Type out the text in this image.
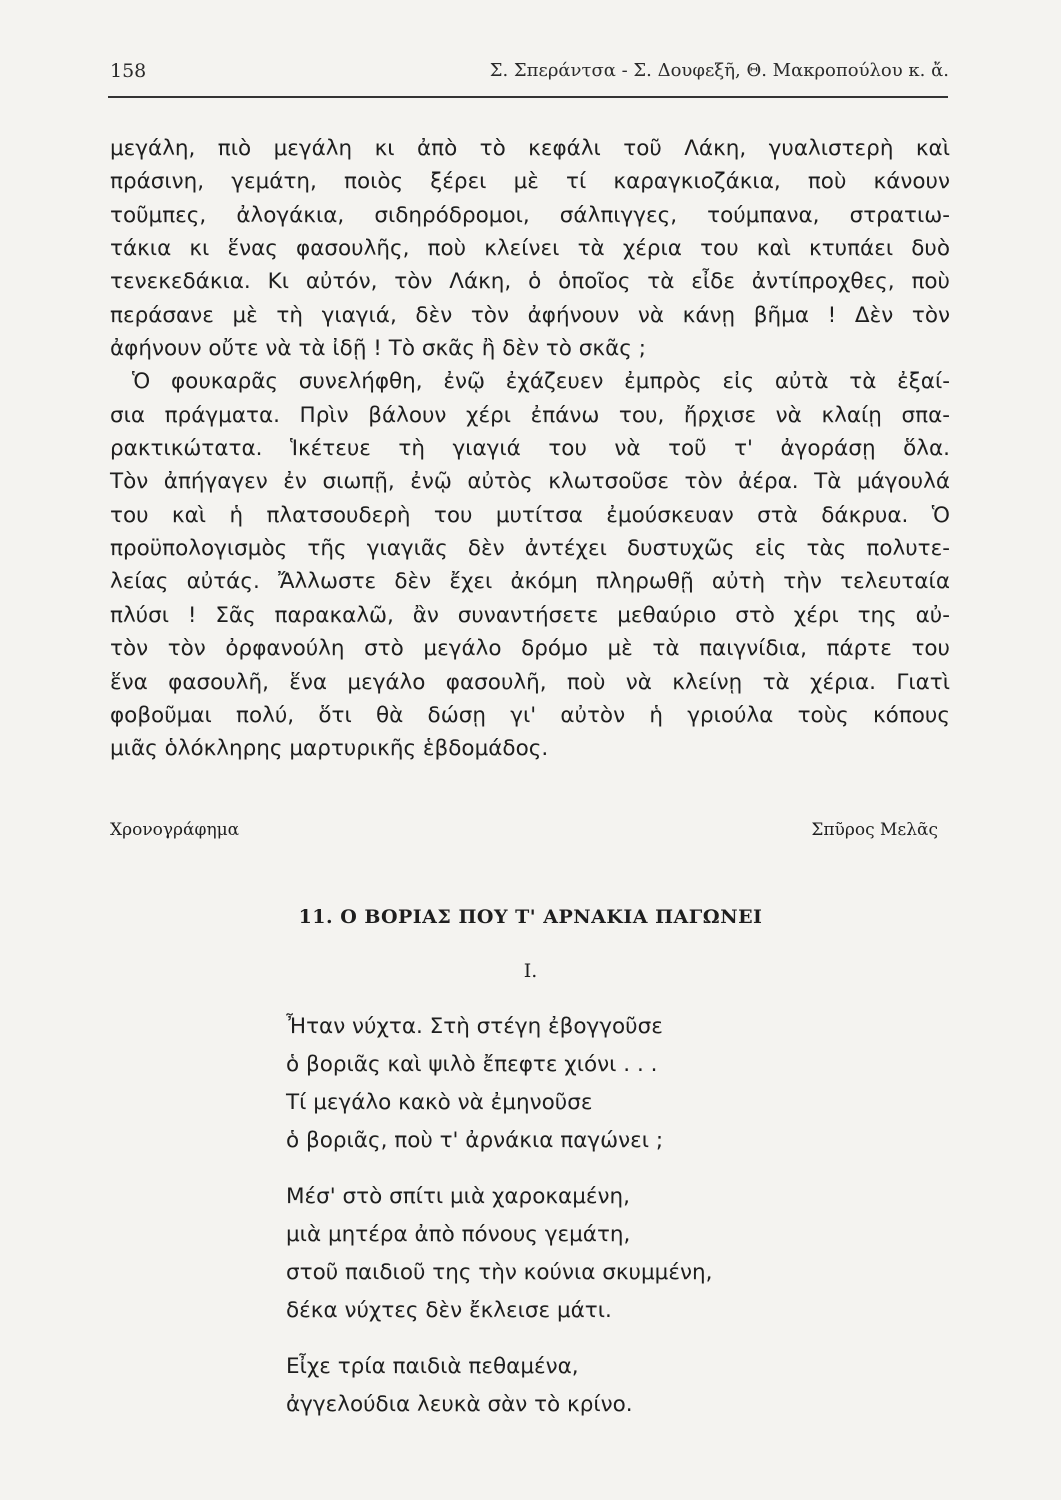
158	Σ. Σπεράντσα - Σ. Δουφεξῆ, Θ. Μακροπούλου κ. ἄ.
μεγάλη, πιὸ μεγάλη κι ἀπὸ τὸ κεφάλι τοῦ Λάκη, γυαλιστερὴ καὶ
πράσινη, γεμάτη, ποιὸς ξέρει μὲ τί καραγκιοζάκια, ποὺ κάνουν
τοῦμπες, ἀλογάκια, σιδηρόδρομοι, σάλπιγγες, τούμπανα, στρατιω-
τάκια κι ἕνας φασουλῆς, ποὺ κλείνει τὰ χέρια του καὶ κτυπάει δυὸ
τενεκεδάκια. Κι αὐτόν, τὸν Λάκη, ὁ ὁποῖος τὰ εἶδε ἀντίπροχθες, ποὺ
περάσανε μὲ τὴ γιαγιά, δὲν τὸν ἀφήνουν νὰ κάνῃ βῆμα ! Δὲν τὸν
ἀφήνουν οὔτε νὰ τὰ ἰδῇ ! Τὸ σκᾶς ἢ δὲν τὸ σκᾶς ;
Ὁ φουκαρᾶς συνελήφθη, ἐνῷ ἐχάζευεν ἐμπρὸς εἰς αὐτὰ τὰ ἐξαί-
σια πράγματα. Πρὶν βάλουν χέρι ἐπάνω του, ἤρχισε νὰ κλαίῃ σπα-
ρακτικώτατα. Ἱκέτευε τὴ γιαγιά του νὰ τοῦ τ' ἀγοράσῃ ὅλα.
Τὸν ἀπήγαγεν ἐν σιωπῇ, ἐνῷ αὐτὸς κλωτσοῦσε τὸν ἀέρα. Τὰ μάγουλά
του καὶ ἡ πλατσουδερὴ του μυτίτσα ἐμούσκευαν στὰ δάκρυα. Ὁ
προϋπολογισμὸς τῆς γιαγιᾶς δὲν ἀντέχει δυστυχῶς εἰς τὰς πολυτε-
λείας αὐτάς. Ἄλλωστε δὲν ἔχει ἀκόμη πληρωθῇ αὐτὴ τὴν τελευταία
πλύσι ! Σᾶς παρακαλῶ, ἂν συναντήσετε μεθαύριο στὸ χέρι της αὐ-
τὸν τὸν ὀρφανούλη στὸ μεγάλο δρόμο μὲ τὰ παιγνίδια, πάρτε του
ἕνα φασουλῆ, ἕνα μεγάλο φασουλῆ, ποὺ νὰ κλείνῃ τὰ χέρια. Γιατὶ
φοβοῦμαι πολύ, ὅτι θὰ δώσῃ γι' αὐτὸν ἡ γριούλα τοὺς κόπους
μιᾶς ὁλόκληρης μαρτυρικῆς ἑβδομάδος.
Χρονογράφημα	Σπῦρος Μελᾶς
11. Ο ΒΟΡΙΑΣ ΠΟΥ Τ' ΑΡΝΑΚΙΑ ΠΑΓΩΝΕΙ
I.
Ἦταν νύχτα. Στὴ στέγη ἐβογγοῦσε
ὁ βοριᾶς καὶ ψιλὸ ἔπεφτε χιόνι . . .
Τί μεγάλο κακὸ νὰ ἐμηνοῦσε
ὁ βοριᾶς, ποὺ τ' ἀρνάκια παγώνει ;
Μέσ' στὸ σπίτι μιὰ χαροκαμένη,
μιὰ μητέρα ἀπὸ πόνους γεμάτη,
στοῦ παιδιοῦ της τὴν κούνια σκυμμένη,
δέκα νύχτες δὲν ἔκλεισε μάτι.
Εἶχε τρία παιδιὰ πεθαμένα,
ἀγγελούδια λευκὰ σὰν τὸ κρίνο.
